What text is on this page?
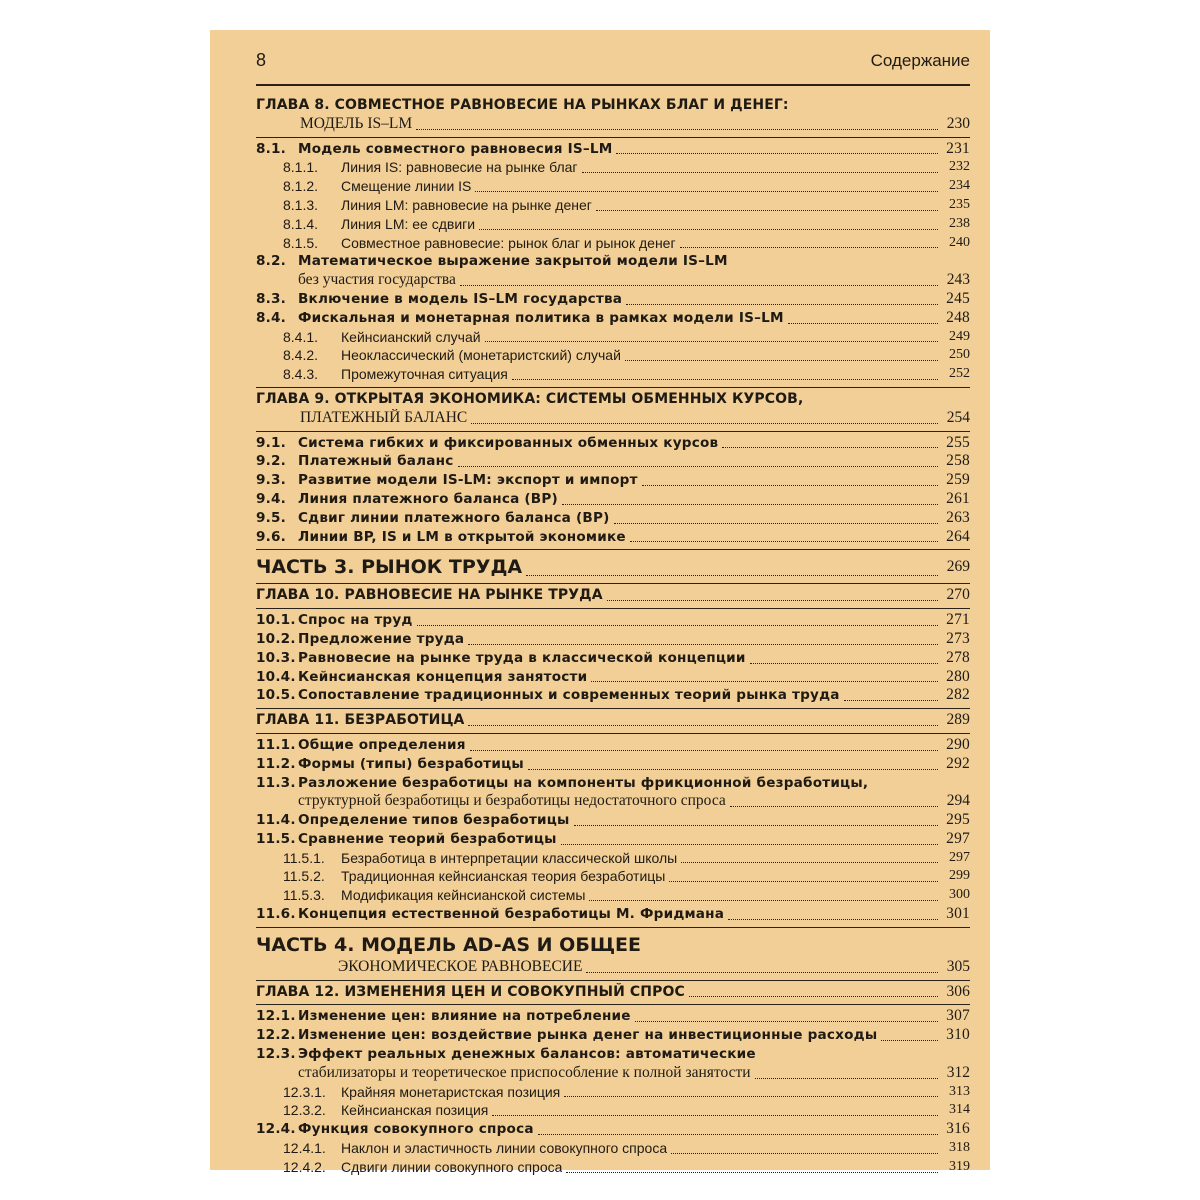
8	Содержание
ГЛАВА 8. СОВМЕСТНОЕ РАВНОВЕСИЕ НА РЫНКАХ БЛАГ И ДЕНЕГ:
МОДЕЛЬ IS–LM	230
8.1. Модель совместного равновесия IS–LM	231
8.1.1. Линия IS: равновесие на рынке благ	232
8.1.2. Смещение линии IS	234
8.1.3. Линия LM: равновесие на рынке денег	235
8.1.4. Линия LM: ее сдвиги	238
8.1.5. Совместное равновесие: рынок благ и рынок денег	240
8.2. Математическое выражение закрытой модели IS–LM
без участия государства	243
8.3. Включение в модель IS–LM государства	245
8.4. Фискальная и монетарная политика в рамках модели IS–LM	248
8.4.1. Кейнсианский случай	249
8.4.2. Неоклассический (монетаристский) случай	250
8.4.3. Промежуточная ситуация	252
ГЛАВА 9. ОТКРЫТАЯ ЭКОНОМИКА: СИСТЕМЫ ОБМЕННЫХ КУРСОВ,
ПЛАТЕЖНЫЙ БАЛАНС	254
9.1. Система гибких и фиксированных обменных курсов	255
9.2. Платежный баланс	258
9.3. Развитие модели IS-LM: экспорт и импорт	259
9.4. Линия платежного баланса (BP)	261
9.5. Сдвиг линии платежного баланса (BP)	263
9.6. Линии BP, IS и LM в открытой экономике	264
ЧАСТЬ 3. РЫНОК ТРУДА	269
ГЛАВА 10. РАВНОВЕСИЕ НА РЫНКЕ ТРУДА	270
10.1. Спрос на труд	271
10.2. Предложение труда	273
10.3. Равновесие на рынке труда в классической концепции	278
10.4. Кейнсианская концепция занятости	280
10.5. Сопоставление традиционных и современных теорий рынка труда	282
ГЛАВА 11. БЕЗРАБОТИЦА	289
11.1. Общие определения	290
11.2. Формы (типы) безработицы	292
11.3. Разложение безработицы на компоненты фрикционной безработицы,
структурной безработицы и безработицы недостаточного спроса	294
11.4. Определение типов безработицы	295
11.5. Сравнение теорий безработицы	297
11.5.1. Безработица в интерпретации классической школы	297
11.5.2. Традиционная кейнсианская теория безработицы	299
11.5.3. Модификация кейнсианской системы	300
11.6. Концепция естественной безработицы М. Фридмана	301
ЧАСТЬ 4. МОДЕЛЬ AD-AS И ОБЩЕЕ
ЭКОНОМИЧЕСКОЕ РАВНОВЕСИЕ	305
ГЛАВА 12. ИЗМЕНЕНИЯ ЦЕН И СОВОКУПНЫЙ СПРОС	306
12.1. Изменение цен: влияние на потребление	307
12.2. Изменение цен: воздействие рынка денег на инвестиционные расходы	310
12.3. Эффект реальных денежных балансов: автоматические
стабилизаторы и теоретическое приспособление к полной занятости	312
12.3.1. Крайняя монетаристская позиция	313
12.3.2. Кейнсианская позиция	314
12.4. Функция совокупного спроса	316
12.4.1. Наклон и эластичность линии совокупного спроса	318
12.4.2. Сдвиги линии совокупного спроса	319
